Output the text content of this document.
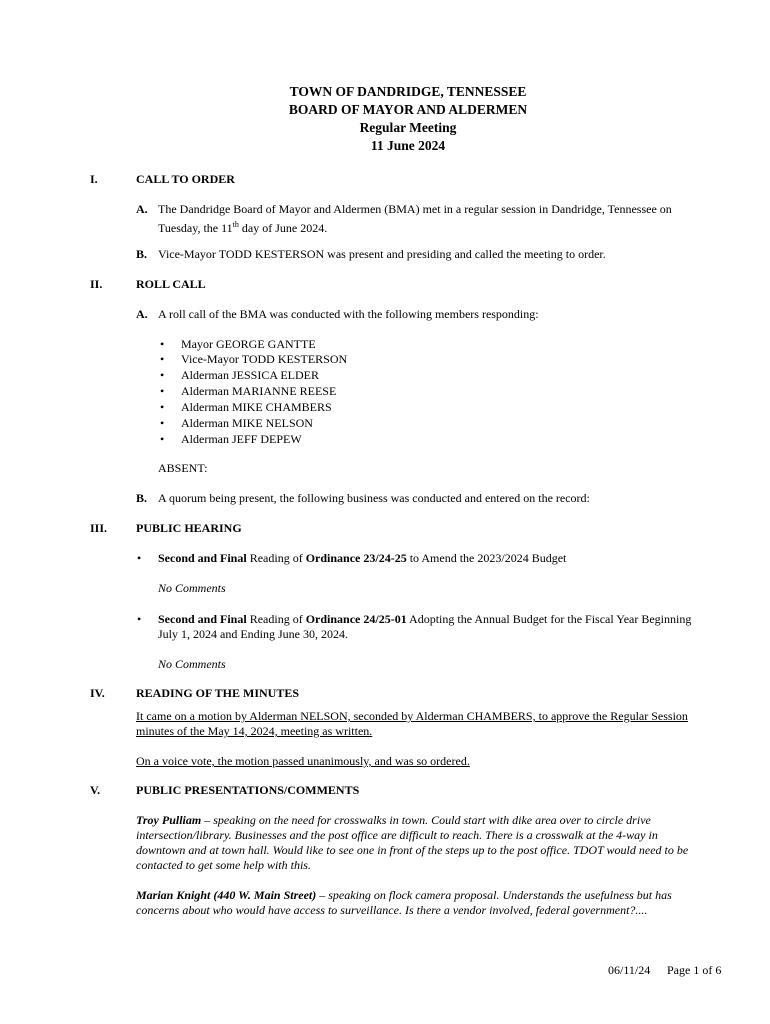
TOWN OF DANDRIDGE, TENNESSEE
BOARD OF MAYOR AND ALDERMEN
Regular Meeting
11 June 2024
I.	CALL TO ORDER
A. The Dandridge Board of Mayor and Aldermen (BMA) met in a regular session in Dandridge, Tennessee on
Tuesday, the 11th day of June 2024.
B. Vice-Mayor TODD KESTERSON was present and presiding and called the meeting to order.
II.	ROLL CALL
A. A roll call of the BMA was conducted with the following members responding:
• Mayor GEORGE GANTTE
• Vice-Mayor TODD KESTERSON
• Alderman JESSICA ELDER
• Alderman MARIANNE REESE
• Alderman MIKE CHAMBERS
• Alderman MIKE NELSON
• Alderman JEFF DEPEW
ABSENT:
B. A quorum being present, the following business was conducted and entered on the record:
III. PUBLIC HEARING
• Second and Final Reading of Ordinance 23/24-25 to Amend the 2023/2024 Budget
No Comments
• Second and Final Reading of Ordinance 24/25-01 Adopting the Annual Budget for the Fiscal Year Beginning
July 1, 2024 and Ending June 30, 2024.
No Comments
IV.	READING OF THE MINUTES
It came on a motion by Alderman NELSON, seconded by Alderman CHAMBERS, to approve the Regular Session
minutes of the May 14, 2024, meeting as written.
On a voice vote, the motion passed unanimously, and was so ordered.
V.	PUBLIC PRESENTATIONS/COMMENTS
Troy Pulliam – speaking on the need for crosswalks in town. Could start with dike area over to circle drive
intersection/library. Businesses and the post office are difficult to reach. There is a crosswalk at the 4-way in
downtown and at town hall. Would like to see one in front of the steps up to the post office. TDOT would need to be
contacted to get some help with this.
Marian Knight (440 W. Main Street) – speaking on flock camera proposal. Understands the usefulness but has
concerns about who would have access to surveillance. Is there a vendor involved, federal government?....
06/11/24 Page 1 of 6
